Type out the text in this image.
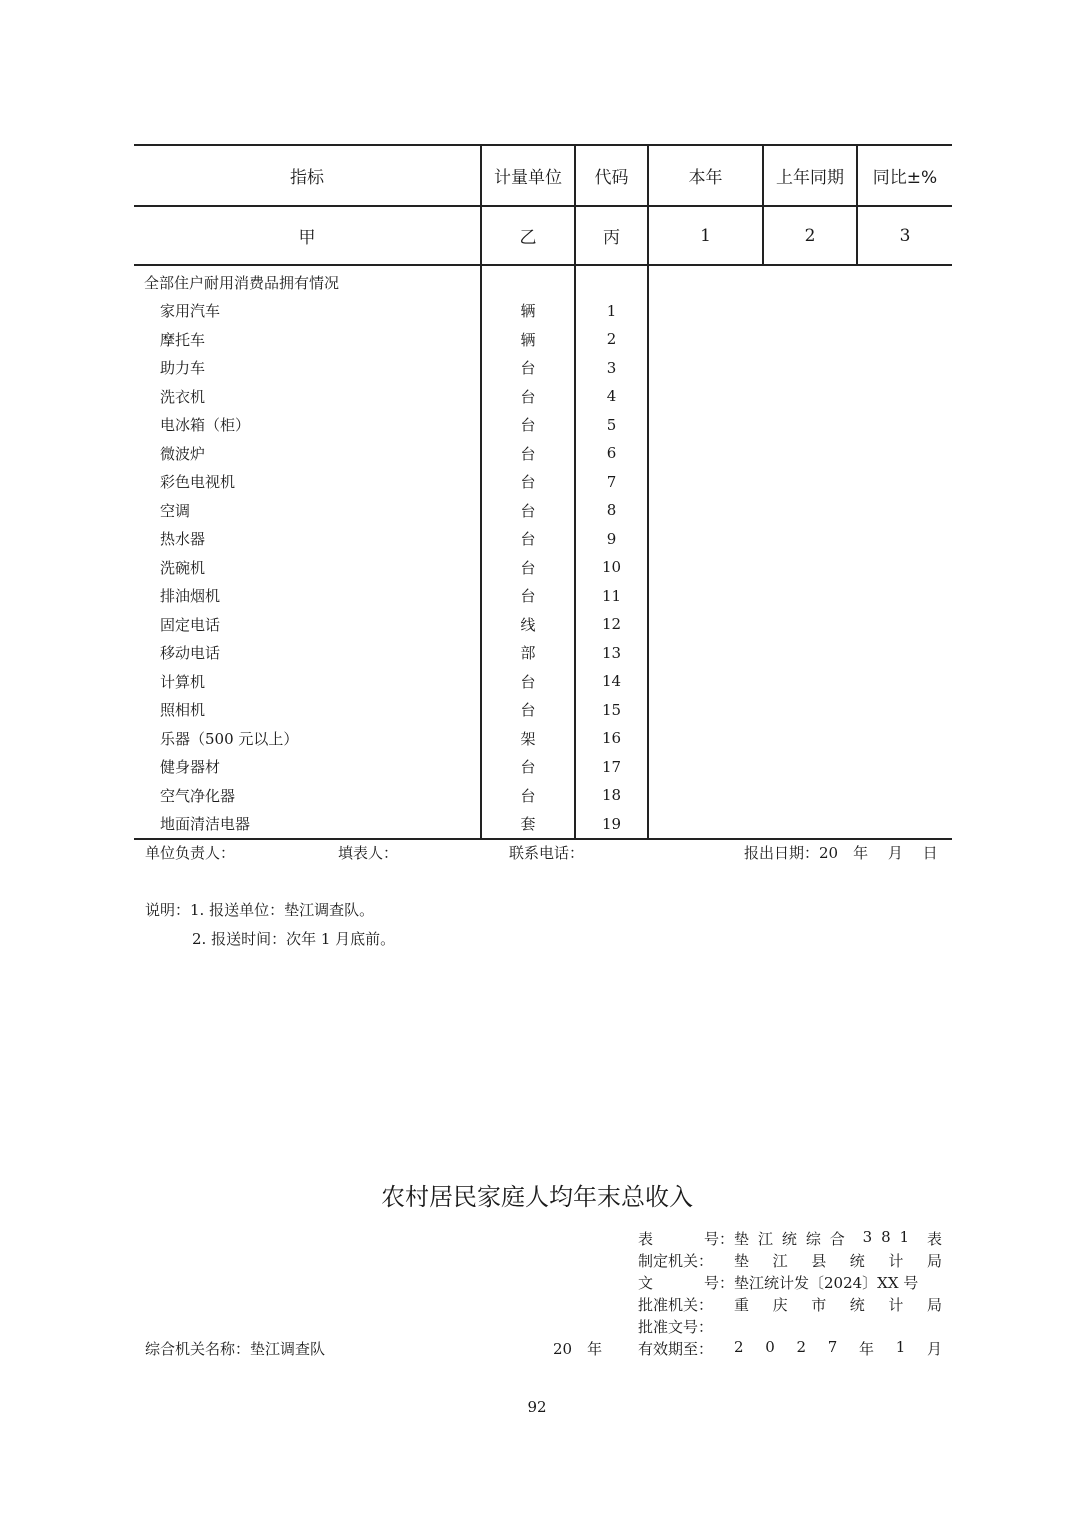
指标	计量单位	代码	本年	上年同期	同比±%
甲	乙	丙	1	2	3
全部住户耐用消费品拥有情况					
家用汽车	辆	1			
摩托车	辆	2			
助力车	台	3			
洗衣机	台	4			
电冰箱（柜）	台	5			
微波炉	台	6			
彩色电视机	台	7			
空调	台	8			
热水器	台	9			
洗碗机	台	10			
排油烟机	台	11			
固定电话	线	12			
移动电话	部	13			
计算机	台	14			
照相机	台	15			
乐器（500 元以上）	架	16			
健身器材	台	17			
空气净化器	台	18			
地面清洁电器	套	19			
单位负责人：	填表人：	联系电话：	报出日期：20　年　 月　 日
说明：1. 报送单位：垫江调查队。
2. 报送时间：次年 1 月底前。
农村居民家庭人均年末总收入
表	号： 垫 江 统 综 合 3 8 1 表
制定机关： 垫 江 县 统 计 局
文	号： 垫江统计发〔2024〕XX 号
批准机关： 重 庆 市 统 计 局
批准文号：
有效期至： 2 0 2 7 年 1 月
综合机关名称：垫江调查队	20　年
92
